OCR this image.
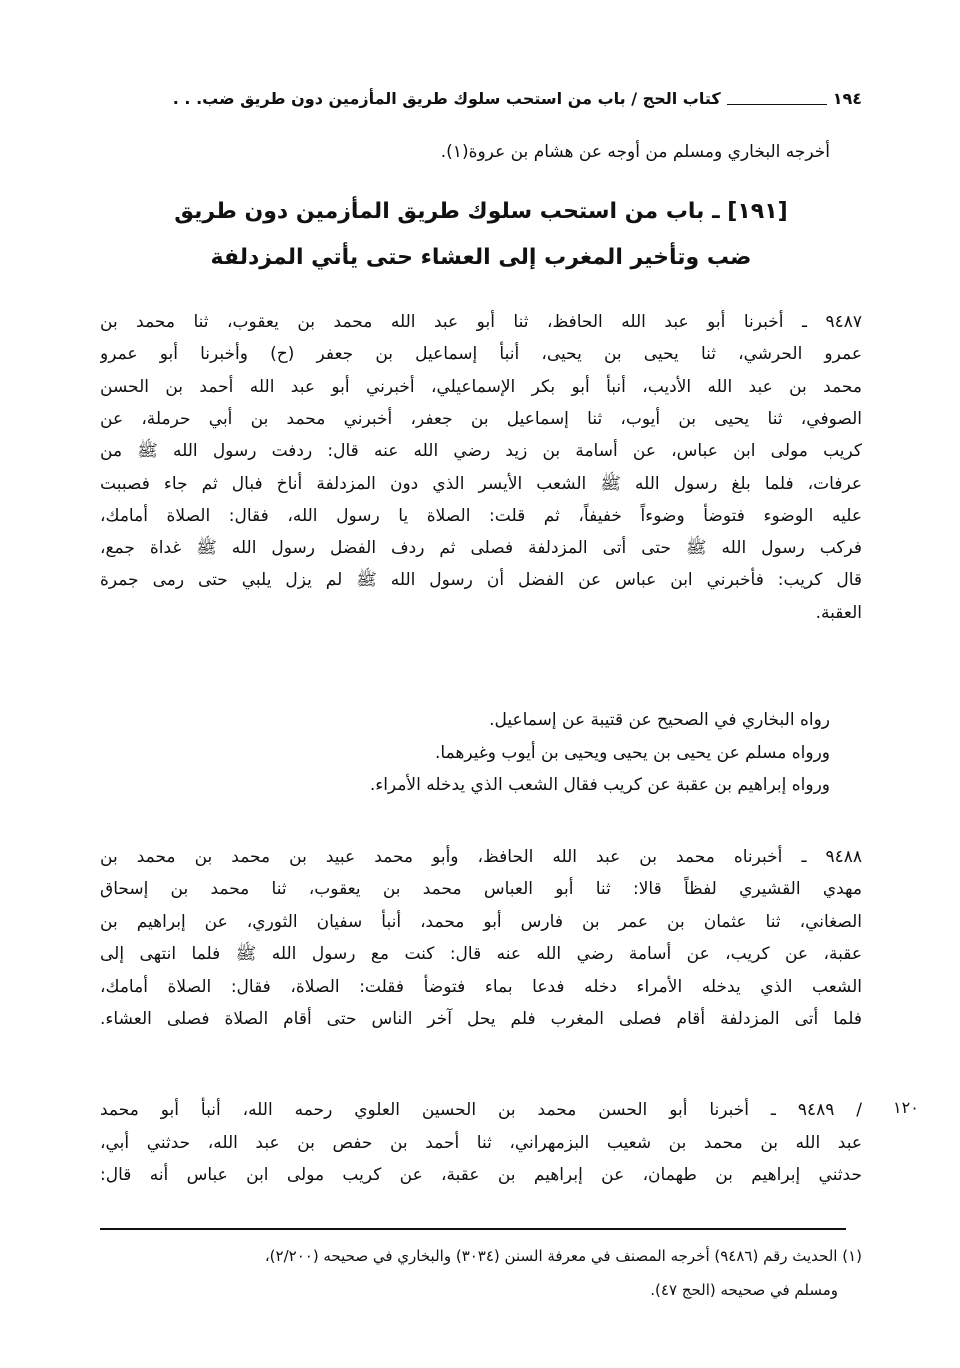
١٩٤
كتاب الحج / باب من استحب سلوك طريق المأزمين دون طريق ضب. . .
أخرجه البخاري ومسلم من أوجه عن هشام بن عروة(١).
[١٩١] ـ باب من استحب سلوك طريق المأزمين دون طريق
ضب وتأخير المغرب إلى العشاء حتى يأتي المزدلفة
٩٤٨٧ ـ أخبرنا أبو عبد الله الحافظ، ثنا أبو عبد الله محمد بن يعقوب، ثنا محمد بن
عمرو الحرشي، ثنا يحيى بن يحيى، أنبأ إسماعيل بن جعفر (ح) وأخبرنا أبو عمرو
محمد بن عبد الله الأديب، أنبأ أبو بكر الإسماعيلي، أخبرني أبو عبد الله أحمد بن الحسن
الصوفي، ثنا يحيى بن أيوب، ثنا إسماعيل بن جعفر، أخبرني محمد بن أبي حرملة، عن
كريب مولى ابن عباس، عن أسامة بن زيد رضي الله عنه قال: ردفت رسول الله ﷺ من
عرفات، فلما بلغ رسول الله ﷺ الشعب الأيسر الذي دون المزدلفة أناخ فبال ثم جاء فصببت
عليه الوضوء فتوضأ وضوءاً خفيفاً، ثم قلت: الصلاة يا رسول الله، فقال: الصلاة أمامك،
فركب رسول الله ﷺ حتى أتى المزدلفة فصلى ثم ردف الفضل رسول الله ﷺ غداة جمع،
قال كريب: فأخبرني ابن عباس عن الفضل أن رسول الله ﷺ لم يزل يلبي حتى رمى جمرة
العقبة.
رواه البخاري في الصحيح عن قتيبة عن إسماعيل.
ورواه مسلم عن يحيى بن يحيى ويحيى بن أيوب وغيرهما.
ورواه إبراهيم بن عقبة عن كريب فقال الشعب الذي يدخله الأمراء.
٩٤٨٨ ـ أخبرناه محمد بن عبد الله الحافظ، وأبو محمد عبيد بن محمد بن محمد بن
مهدي القشيري لفظاً قالا: ثنا أبو العباس محمد بن يعقوب، ثنا محمد بن إسحاق
الصغاني، ثنا عثمان بن عمر بن فارس أبو محمد، أنبأ سفيان الثوري، عن إبراهيم بن
عقبة، عن كريب، عن أسامة رضي الله عنه قال: كنت مع رسول الله ﷺ فلما انتهى إلى
الشعب الذي يدخله الأمراء دخله فدعا بماء فتوضأ فقلت: الصلاة، فقال: الصلاة أمامك،
فلما أتى المزدلفة أقام فصلى المغرب فلم يحل آخر الناس حتى أقام الصلاة فصلى العشاء.
/ ٩٤٨٩ ـ أخبرنا أبو الحسن محمد بن الحسين العلوي رحمه الله، أنبأ أبو محمد
عبد الله بن محمد بن شعيب البزمهراني، ثنا أحمد بن حفص بن عبد الله، حدثني أبي،
حدثني إبراهيم بن طهمان، عن إبراهيم بن عقبة، عن كريب مولى ابن عباس أنه قال:
(١) الحديث رقم (٩٤٨٦) أخرجه المصنف في معرفة السنن (٣٠٣٤) والبخاري في صحيحه (٢/٢٠٠)،
ومسلم في صحيحه (الحج ٤٧).
١٢٠
